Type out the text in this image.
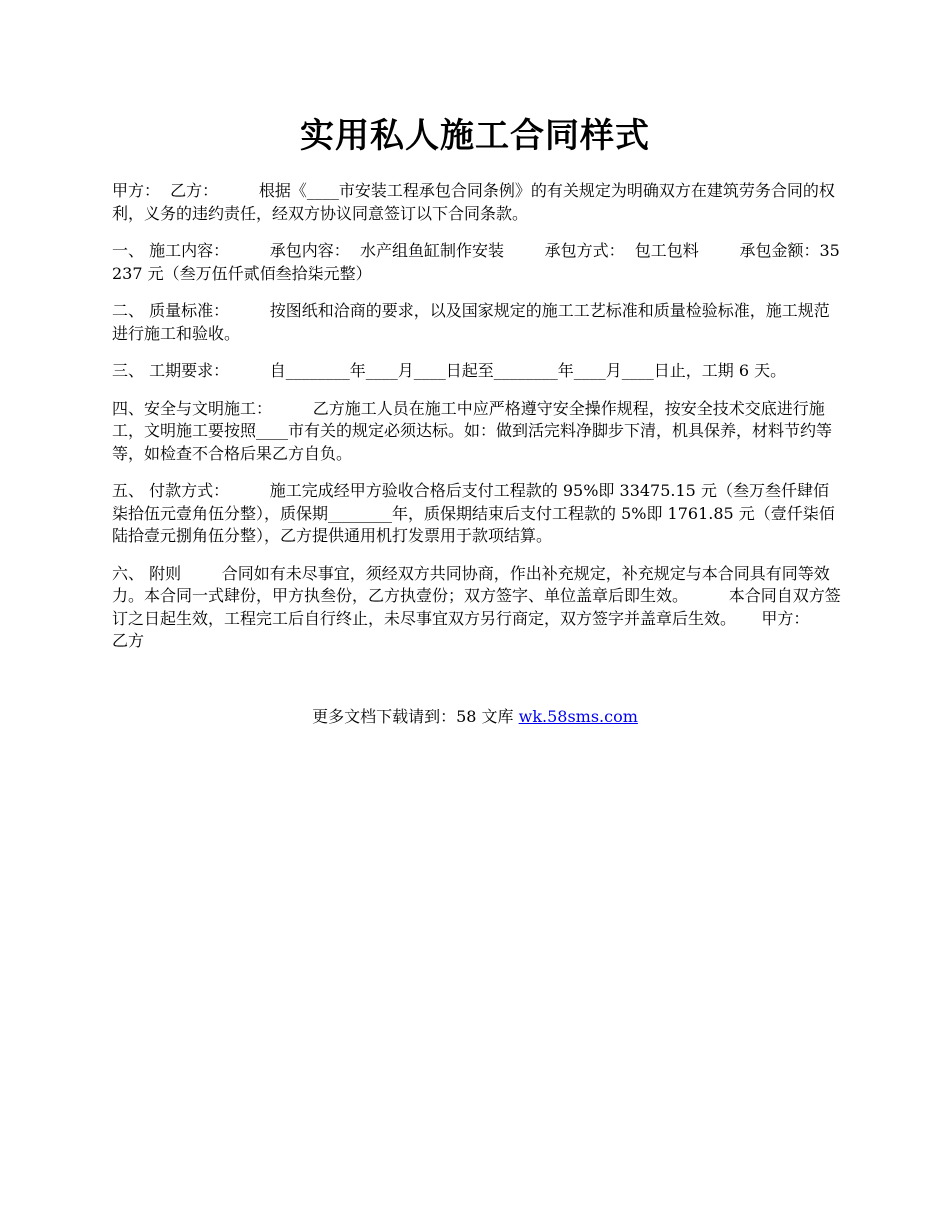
实用私人施工合同样式

甲方：  乙方：        根据《____市安装工程承包合同条例》的有关规定为明确双方在建筑劳务合同的权利，义务的违约责任，经双方协议同意签订以下合同条款。

一、 施工内容：        承包内容：  水产组鱼缸制作安装        承包方式：  包工包料        承包金额：35237 元（叁万伍仟贰佰叁拾柒元整）

二、 质量标准：        按图纸和洽商的要求，以及国家规定的施工工艺标准和质量检验标准，施工规范进行施工和验收。

三、 工期要求：        自________年____月____日起至________年____月____日止，工期 6 天。

四、安全与文明施工：        乙方施工人员在施工中应严格遵守安全操作规程，按安全技术交底进行施工，文明施工要按照____市有关的规定必须达标。如：做到活完料净脚步下清，机具保养，材料节约等等，如检查不合格后果乙方自负。

五、 付款方式：        施工完成经甲方验收合格后支付工程款的 95%即 33475.15 元（叁万叁仟肆佰柒拾伍元壹角伍分整），质保期________年，质保期结束后支付工程款的 5%即 1761.85 元（壹仟柒佰陆拾壹元捌角伍分整），乙方提供通用机打发票用于款项结算。

六、 附则        合同如有未尽事宜，须经双方共同协商，作出补充规定，补充规定与本合同具有同等效力。本合同一式肆份，甲方执叁份，乙方执壹份；双方签字、单位盖章后即生效。        本合同自双方签订之日起生效，工程完工后自行终止，未尽事宜双方另行商定，双方签字并盖章后生效。     甲方：        乙方

更多文档下载请到：58 文库 wk.58sms.com
